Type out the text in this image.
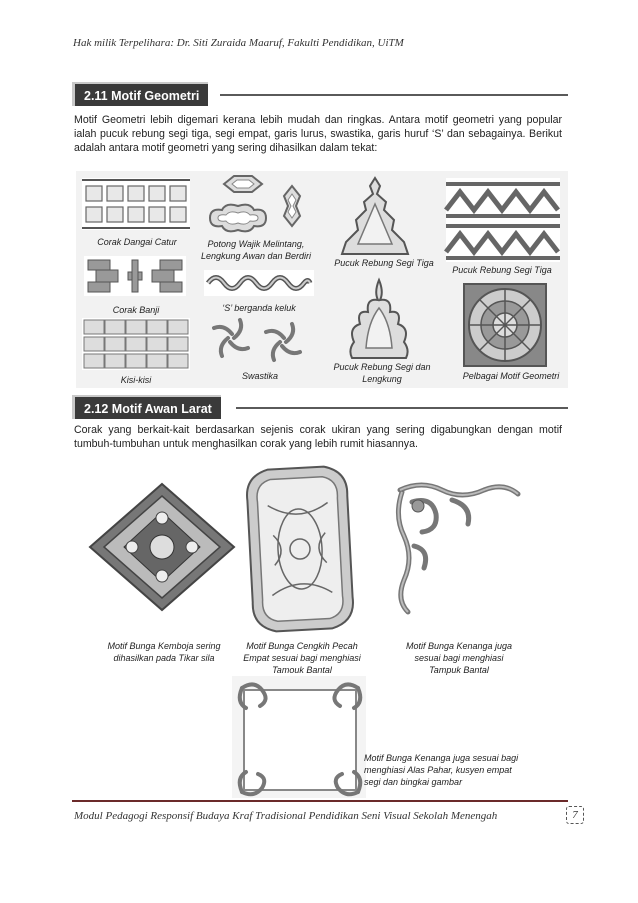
Hak milik Terpelihara: Dr. Siti Zuraida Maaruf, Fakulti Pendidikan, UiTM
2.11 Motif Geometri
Motif Geometri lebih digemari kerana lebih mudah dan ringkas. Antara motif geometri yang popular ialah pucuk rebung segi tiga, segi empat, garis lurus, swastika, garis huruf ‘S’ dan sebagainya. Berikut adalah antara motif geometri yang sering dihasilkan dalam tekat:
Corak Dangai Catur	Potong Wajik Melintang,
Lengkung Awan dan Berdiri
Pucuk Rebung Segi Tiga
Pucuk Rebung Segi Tiga
Corak Banji	‘S’ berganda keluk
Kisi-kisi	Swastika
Pucuk Rebung Segi dan
Lengkung	Pelbagai Motif Geometri
2.12 Motif Awan Larat
Corak yang berkait-kait berdasarkan sejenis corak ukiran yang sering digabungkan dengan motif tumbuh-tumbuhan untuk menghasilkan corak yang lebih rumit hiasannya.
Motif Bunga Kemboja sering
dihasilkan pada Tikar sila
Motif Bunga Cengkih Pecah
Empat sesuai bagi menghiasi
Tamouk Bantal
Motif Bunga Kenanga juga
sesuai bagi menghiasi
Tampuk Bantal
Motif Bunga Kenanga juga sesuai bagi
menghiasi Alas Pahar, kusyen empat
segi dan bingkai gambar
Modul Pedagogi Responsif Budaya Kraf Tradisional Pendidikan Seni Visual Sekolah Menengah	7
